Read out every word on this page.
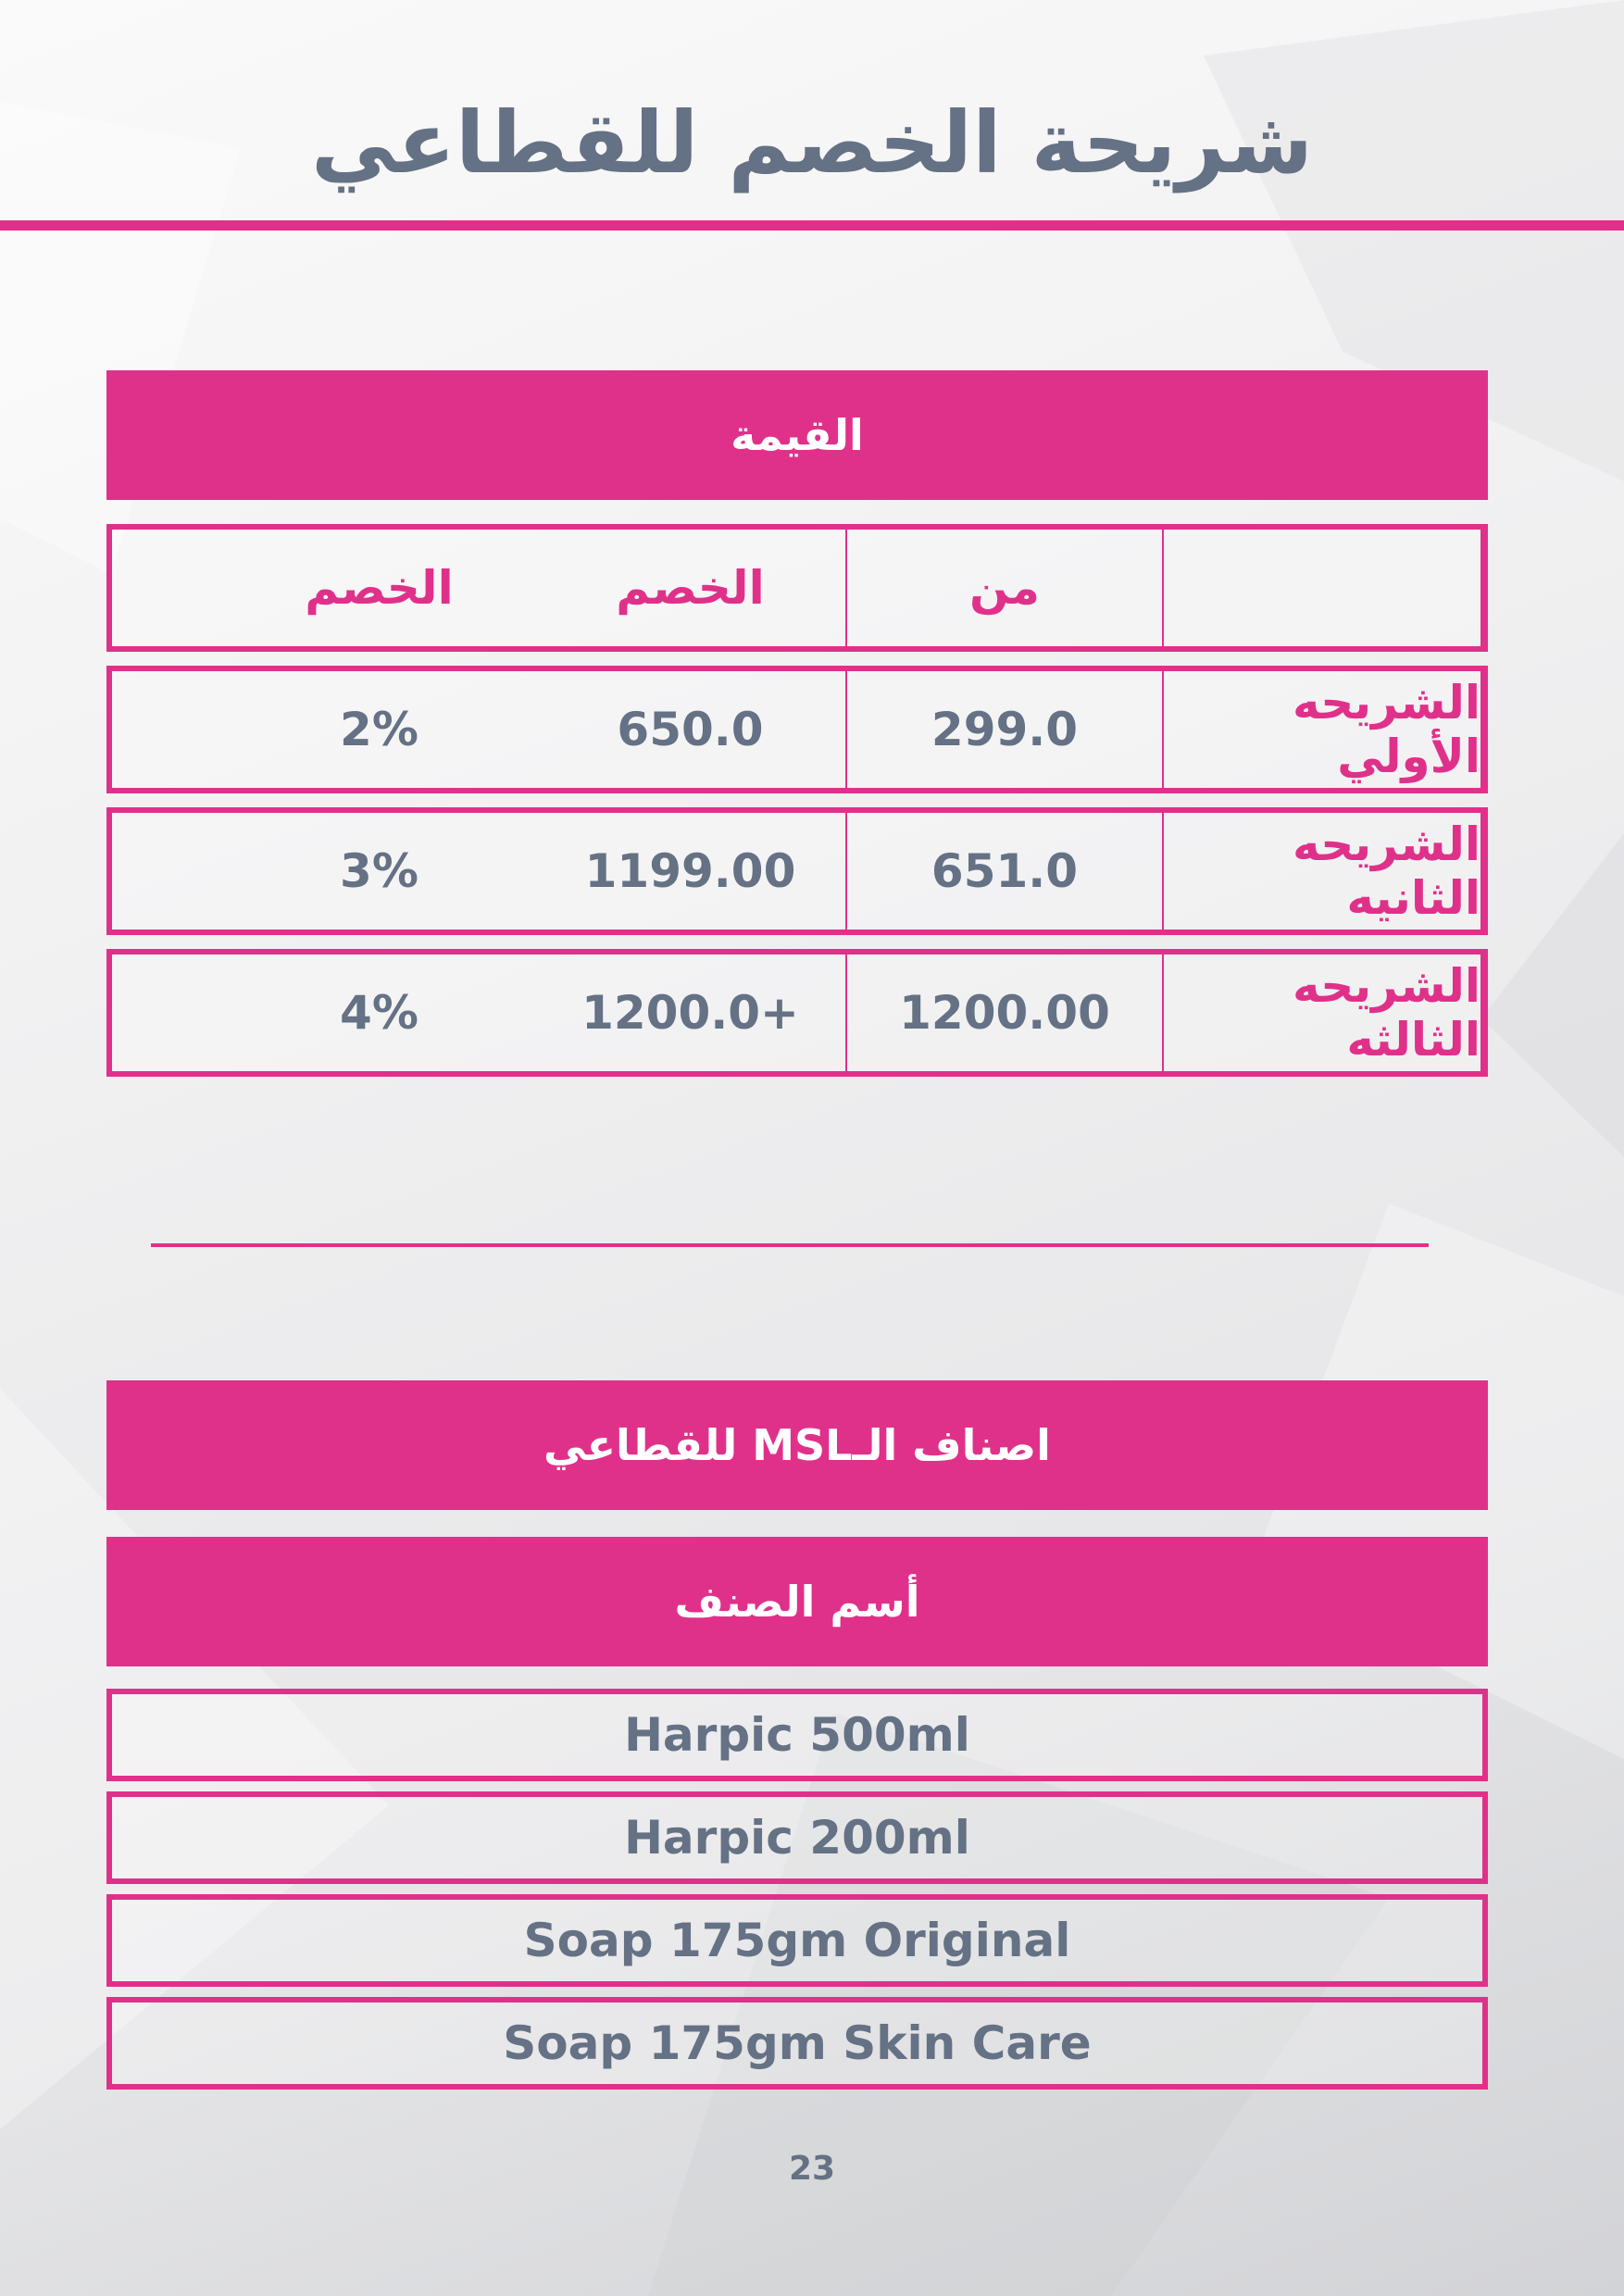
شريحة الخصم للقطاعي
القيمة
من
الخصم
الخصم
الشريحه الأولي
299.0
650.0
2%
الشريحه الثانيه
651.0
1199.00
3%
الشريحه الثالثه
1200.00
1200.0+
4%
اصناف الـMSL للقطاعي
أسم الصنف
Harpic 500ml
Harpic 200ml
Soap 175gm Original
Soap 175gm Skin Care
23
